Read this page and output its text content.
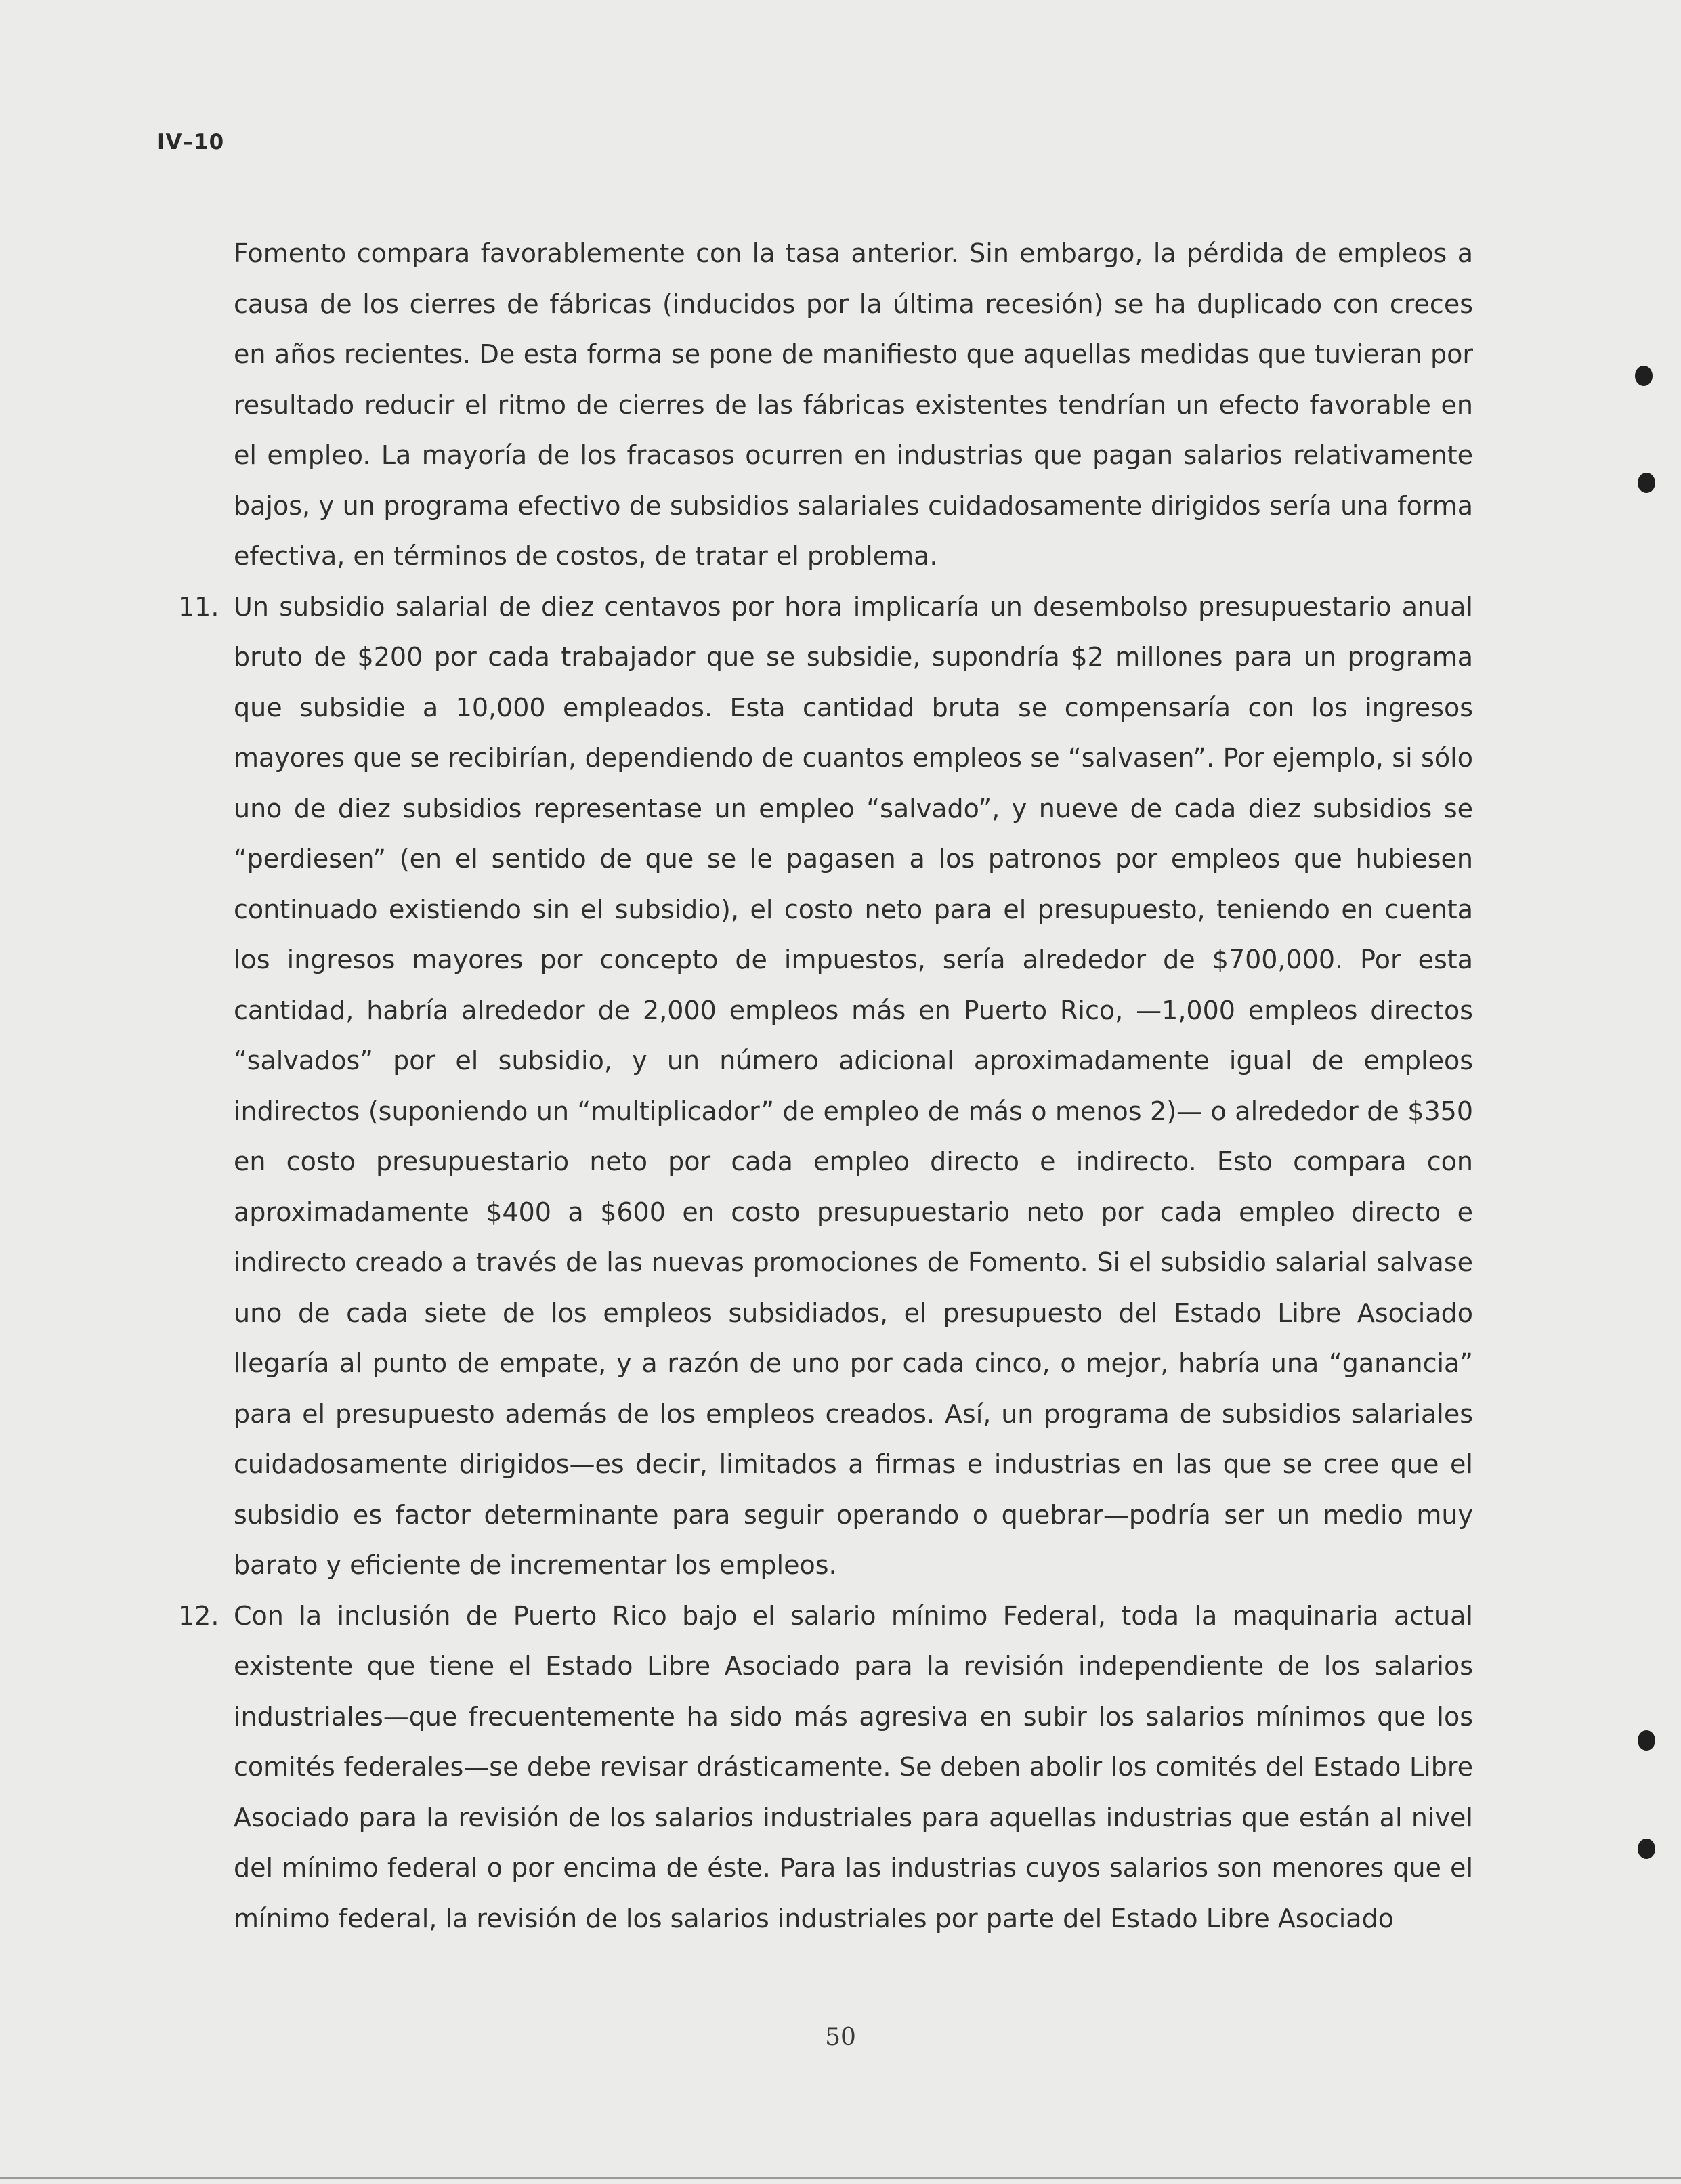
IV–10

Fomento compara favorablemente con la tasa anterior. Sin embargo, la pérdida de empleos a causa de los cierres de fábricas (inducidos por la última recesión) se ha duplicado con creces en años recientes. De esta forma se pone de manifiesto que aquellas medidas que tuvieran por resultado reducir el ritmo de cierres de las fábricas existentes tendrían un efecto favorable en el empleo. La mayoría de los fracasos ocurren en industrias que pagan salarios relativamente bajos, y un programa efectivo de subsidios salariales cuidadosamente dirigidos sería una forma efectiva, en términos de costos, de tratar el problema.

11. Un subsidio salarial de diez centavos por hora implicaría un desembolso presupuestario anual bruto de $200 por cada trabajador que se subsidie, supondría $2 millones para un programa que subsidie a 10,000 empleados. Esta cantidad bruta se compensaría con los ingresos mayores que se recibirían, dependiendo de cuantos empleos se “salvasen”. Por ejemplo, si sólo uno de diez subsidios representase un empleo “salvado”, y nueve de cada diez subsidios se “perdiesen” (en el sentido de que se le pagasen a los patronos por empleos que hubiesen continuado existiendo sin el subsidio), el costo neto para el presupuesto, teniendo en cuenta los ingresos mayores por concepto de impuestos, sería alrededor de $700,000. Por esta cantidad, habría alrededor de 2,000 empleos más en Puerto Rico, —1,000 empleos directos “salvados” por el subsidio, y un número adicional aproximadamente igual de empleos indirectos (suponiendo un “multiplicador” de empleo de más o menos 2)— o alrededor de $350 en costo presupuestario neto por cada empleo directo e indirecto. Esto compara con aproximadamente $400 a $600 en costo presupuestario neto por cada empleo directo e indirecto creado a través de las nuevas promociones de Fomento. Si el subsidio salarial salvase uno de cada siete de los empleos subsidiados, el presupuesto del Estado Libre Asociado llegaría al punto de empate, y a razón de uno por cada cinco, o mejor, habría una “ganancia” para el presupuesto además de los empleos creados. Así, un programa de subsidios salariales cuidadosamente dirigidos—es decir, limitados a firmas e industrias en las que se cree que el subsidio es factor determinante para seguir operando o quebrar—podría ser un medio muy barato y eficiente de incrementar los empleos.

12. Con la inclusión de Puerto Rico bajo el salario mínimo Federal, toda la maquinaria actual existente que tiene el Estado Libre Asociado para la revisión independiente de los salarios industriales—que frecuentemente ha sido más agresiva en subir los salarios mínimos que los comités federales—se debe revisar drásticamente. Se deben abolir los comités del Estado Libre Asociado para la revisión de los salarios industriales para aquellas industrias que están al nivel del mínimo federal o por encima de éste. Para las industrias cuyos salarios son menores que el mínimo federal, la revisión de los salarios industriales por parte del Estado Libre Asociado

50
